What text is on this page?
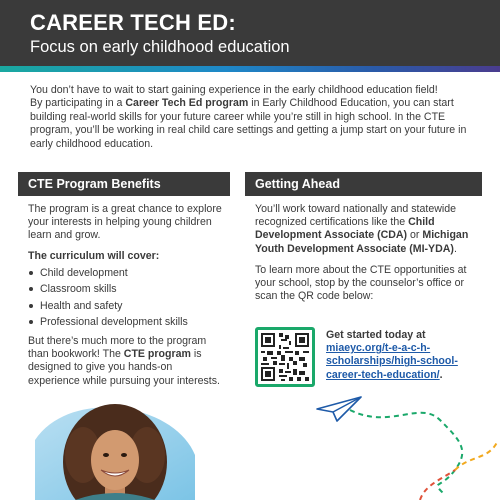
CAREER TECH ED:
Focus on early childhood education
You don’t have to wait to start gaining experience in the early childhood education field!
By participating in a Career Tech Ed program in Early Childhood Education, you can start building real-world skills for your future career while you’re still in high school. In the CTE program, you’ll be working in real child care settings and getting a jump start on your future in early childhood education.
CTE Program Benefits
The program is a great chance to explore your interests in helping young children learn and grow.
The curriculum will cover:
Child development
Classroom skills
Health and safety
Professional development skills
But there’s much more to the program than bookwork! The CTE program is designed to give you hands-on experience while pursuing your interests.
Getting Ahead
You’ll work toward nationally and statewide recognized certifications like the Child Development Associate (CDA) or Michigan Youth Development Associate (MI-YDA).
To learn more about the CTE opportunities at your school, stop by the counselor’s office or scan the QR code below:
Get started today at
miaeyc.org/t-e-a-c-h-scholarships/high-school-career-tech-education/.
